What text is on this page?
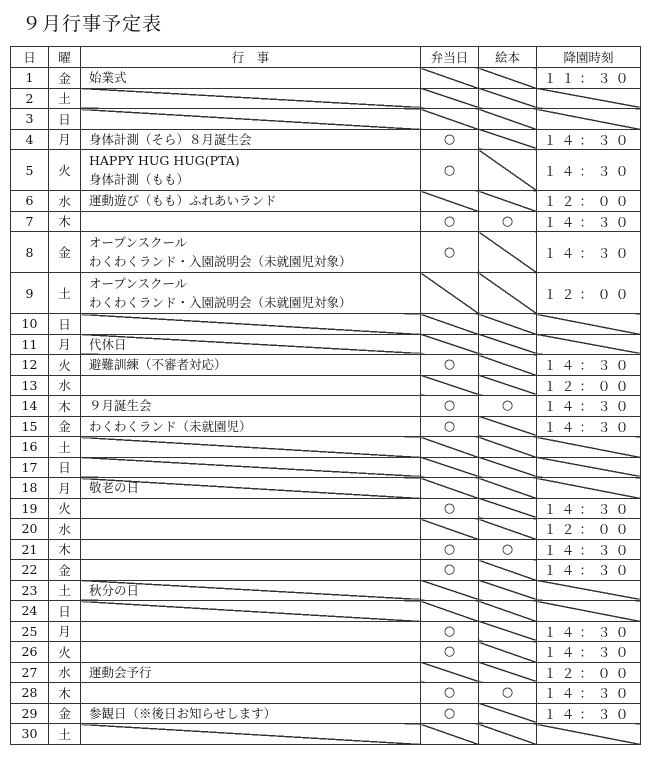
９月行事予定表
日	曜	行　事	弁当日	絵本	降園時刻
1	金	始業式			１１：３０
2	土				
3	日				
4	月	身体計測（そら）８月誕生会	○		１４：３０
5	火	HAPPY HUG HUG(PTA)
身体計測（もも）	○		１４：３０
6	水	運動遊び（もも）ふれあいランド			１２：００
7	木		○	○	１４：３０
8	金	オープンスクール
わくわくランド・入園説明会（未就園児対象）	○		１４：３０
9	土	オープンスクール
わくわくランド・入園説明会（未就園児対象）			１２：００
10	日				
11	月	代休日			
12	火	避難訓練（不審者対応）	○		１４：３０
13	水				１２：００
14	木	９月誕生会	○	○	１４：３０
15	金	わくわくランド（未就園児）	○		１４：３０
16	土				
17	日				
18	月	敬老の日			
19	火		○		１４：３０
20	水				１２：００
21	木		○	○	１４：３０
22	金		○		１４：３０
23	土	秋分の日			
24	日				
25	月		○		１４：３０
26	火		○		１４：３０
27	水	運動会予行			１２：００
28	木		○	○	１４：３０
29	金	参観日（※後日お知らせします）	○		１４：３０
30	土				
